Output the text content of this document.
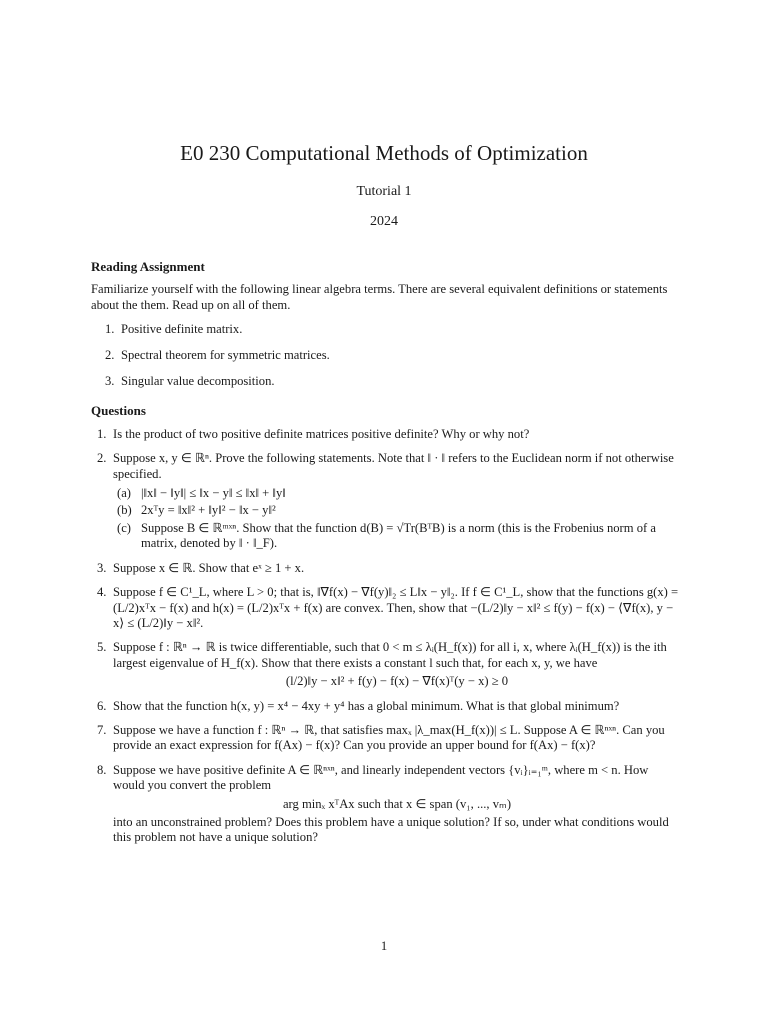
E0 230 Computational Methods of Optimization
Tutorial 1
2024
Reading Assignment

Familiarize yourself with the following linear algebra terms. There are several equivalent definitions or statements about the them. Read up on all of them.

1. Positive definite matrix.
2. Spectral theorem for symmetric matrices.
3. Singular value decomposition.
Questions
1. Is the product of two positive definite matrices positive definite? Why or why not?
2. Suppose x, y ∈ ℝⁿ. Prove the following statements. Note that ‖ · ‖ refers to the Euclidean norm if not otherwise specified.
(a) |‖x‖ − ‖y‖| ≤ ‖x − y‖ ≤ ‖x‖ + ‖y‖
(b) 2xᵀy = ‖x‖² + ‖y‖² − ‖x − y‖²
(c) Suppose B ∈ ℝᵐˣⁿ. Show that the function d(B) = √Tr(BᵀB) is a norm (this is the Frobenius norm of a matrix, denoted by ‖ · ‖_F).
3. Suppose x ∈ ℝ. Show that eˣ ≥ 1 + x.
4. Suppose f ∈ C¹_L, where L > 0; that is, ‖∇f(x) − ∇f(y)‖₂ ≤ L‖x − y‖₂. If f ∈ C¹_L, show that the functions g(x) = (L/2)xᵀx − f(x) and h(x) = (L/2)xᵀx + f(x) are convex. Then, show that −(L/2)‖y − x‖² ≤ f(y) − f(x) − ⟨∇f(x), y − x⟩ ≤ (L/2)‖y − x‖².
5. Suppose f : ℝⁿ → ℝ is twice differentiable, such that 0 < m ≤ λᵢ(H_f(x)) for all i, x, where λᵢ(H_f(x)) is the ith largest eigenvalue of H_f(x). Show that there exists a constant l such that, for each x, y, we have
(l/2)‖y − x‖² + f(y) − f(x) − ∇f(x)ᵀ(y − x) ≥ 0
6. Show that the function h(x, y) = x⁴ − 4xy + y⁴ has a global minimum. What is that global minimum?
7. Suppose we have a function f : ℝⁿ → ℝ, that satisfies maxₓ |λ_max(H_f(x))| ≤ L. Suppose A ∈ ℝⁿˣⁿ. Can you provide an exact expression for f(Ax) − f(x)? Can you provide an upper bound for f(Ax) − f(x)?
8. Suppose we have positive definite A ∈ ℝⁿˣⁿ, and linearly independent vectors {vᵢ}ᵢ₌₁ᵐ, where m < n. How would you convert the problem
arg minₓ xᵀAx such that x ∈ span (v₁, ..., vₘ)

into an unconstrained problem? Does this problem have a unique solution? If so, under what conditions would this problem not have a unique solution?

1
